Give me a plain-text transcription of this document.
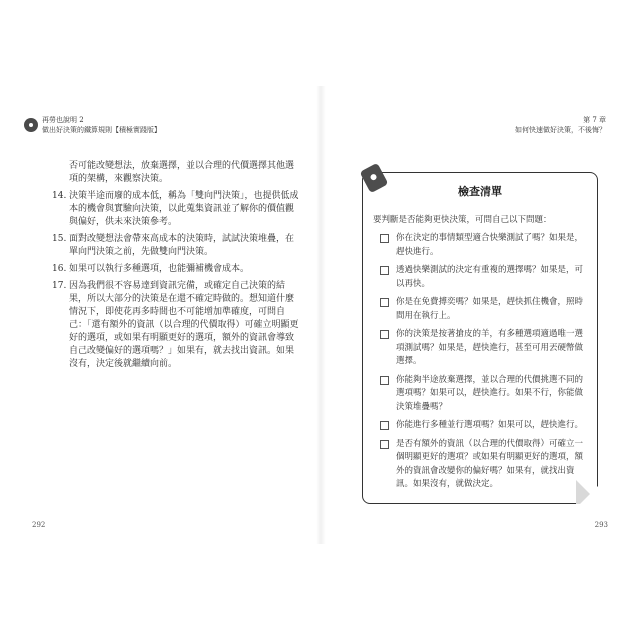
再勞也說明 2
做出好決策的鐵算規則【積極實踐版】
第 7 章
如何快速做好決策，不後悔？

否可能改變想法，放棄選擇，並以合理的代價選擇其他選項的架構，來觀察決策。

14. 決策半途而廢的成本低，稱為「雙向門決策」，也提供低成本的機會與實驗向決策，以此蒐集資訊並了解你的價值觀與偏好，供未來決策參考。
15. 面對改變想法會帶來高成本的決策時，試試決策堆疊，在單向門決策之前，先做雙向門決策。
16. 如果可以執行多種選項，也能彌補機會成本。
17. 因為我們很不容易達到資訊完備，或確定自己決策的結果，所以大部分的決策是在還不確定時做的。想知道什麼情況下，即使花再多時間也不可能增加準確度，可問自己：「還有額外的資訊（以合理的代價取得）可確立明顯更好的選項，或如果有明顯更好的選項，額外的資訊會導致自己改變偏好的選項嗎？」如果有，就去找出資訊。如果沒有，決定後就繼續向前。
檢查清單
要判斷是否能夠更快決策，可問自己以下問題：
你在決定的事情類型適合快樂測試了嗎？如果是，趕快進行。
透過快樂測試的決定有重複的選擇嗎？如果是，可以再快。
你是在免費搏奕嗎？如果是，趕快抓住機會，照時間用在執行上。
你的決策是按著搶皮的羊，有多種選項適過唯一選項測試嗎？如果是，趕快進行，甚至可用丟硬幣做選擇。
你能夠半途放棄選擇，並以合理的代價挑選不同的選項嗎？如果可以，趕快進行。如果不行，你能做決策堆疊嗎？
你能進行多種並行選項嗎？如果可以，趕快進行。
是否有額外的資訊（以合理的代價取得）可確立一個明顯更好的選項？或如果有明顯更好的選項，額外的資訊會改變你的偏好嗎？如果有，就找出資訊。如果沒有，就做決定。
292	293
